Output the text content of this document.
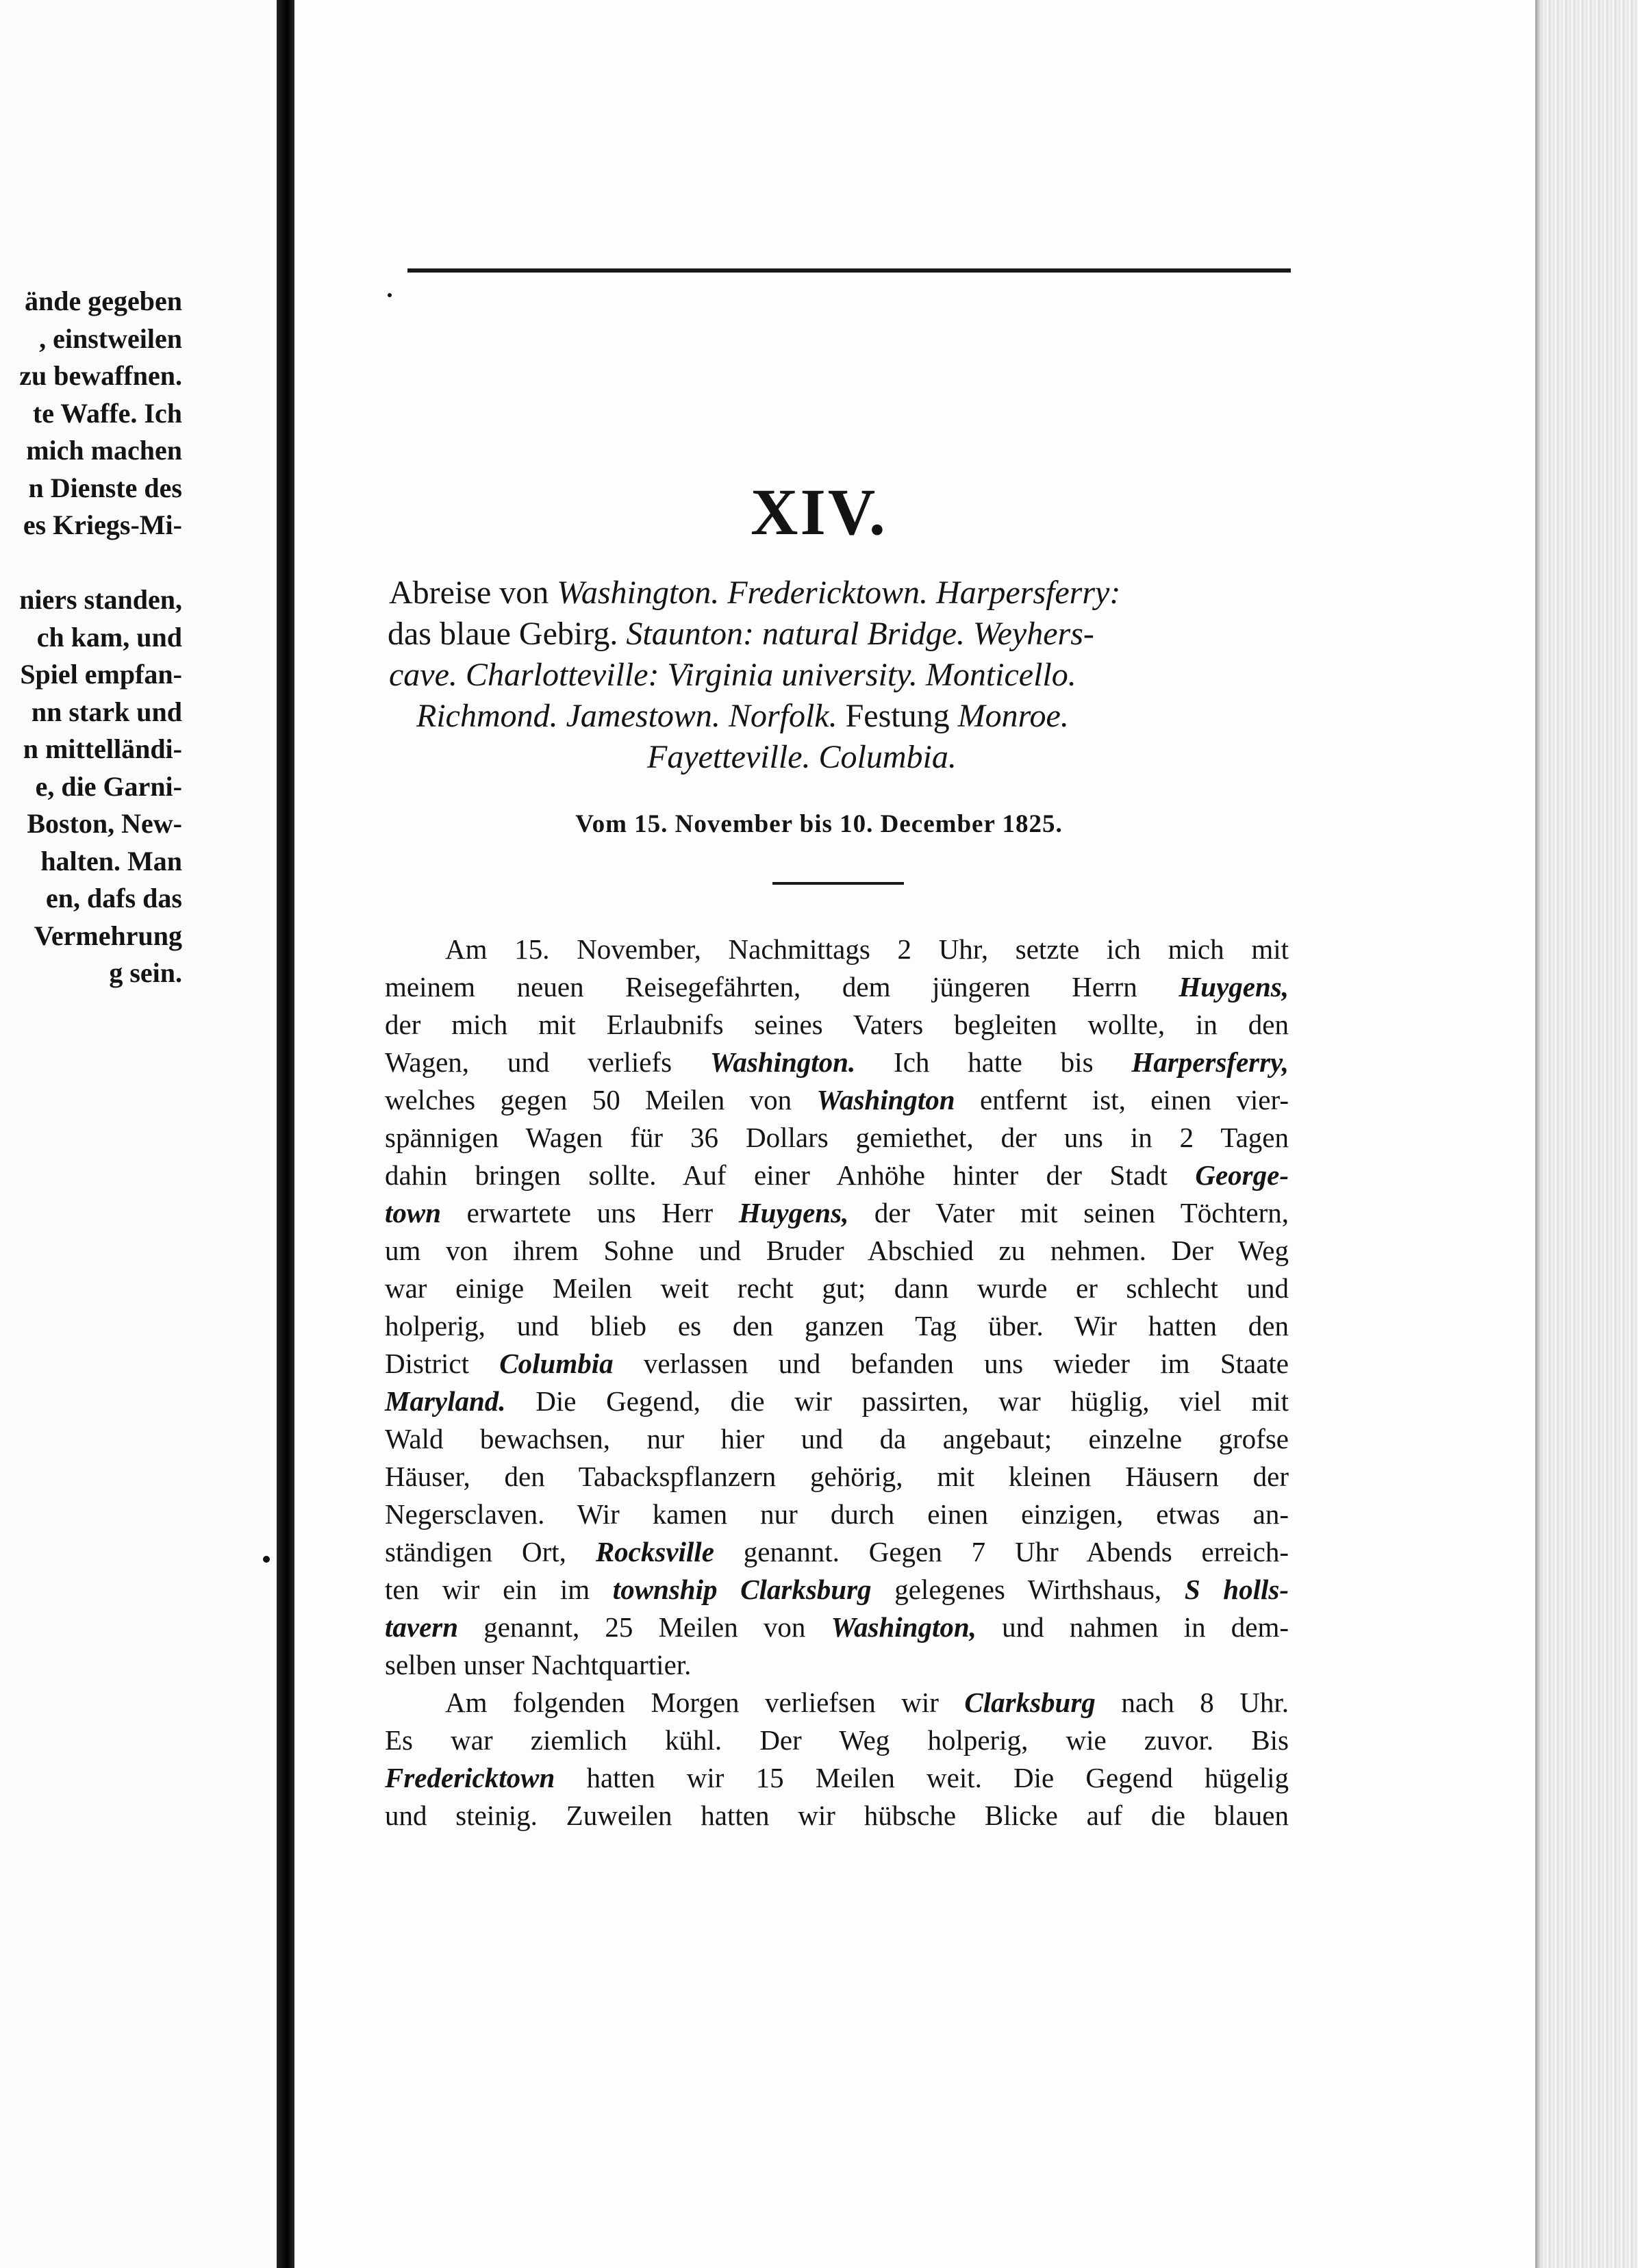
ände gegeben
, einstweilen
zu bewaffnen.
te Waffe. Ich
mich machen
n Dienste des
es Kriegs-Mi-
niers standen,
ch kam, und
Spiel empfan-
nn stark und
n mittelländi-
e, die Garni-
Boston, New-
halten. Man
en, dafs das
Vermehrung
g sein.
XIV.
Abreise von Washington. Fredericktown. Harpersferry:
das blaue Gebirg. Staunton: natural Bridge. Weyhers-
cave. Charlotteville: Virginia university. Monticello.
Richmond. Jamestown. Norfolk. Festung Monroe.
Fayetteville. Columbia.
Vom 15. November bis 10. December 1825.
Am 15. November, Nachmittags 2 Uhr, setzte ich mich mit
meinem neuen Reisegefährten, dem jüngeren Herrn Huygens,
der mich mit Erlaubnifs seines Vaters begleiten wollte, in den
Wagen, und verliefs Washington. Ich hatte bis Harpersferry,
welches gegen 50 Meilen von Washington entfernt ist, einen vier-
spännigen Wagen für 36 Dollars gemiethet, der uns in 2 Tagen
dahin bringen sollte. Auf einer Anhöhe hinter der Stadt George-
town erwartete uns Herr Huygens, der Vater mit seinen Töchtern,
um von ihrem Sohne und Bruder Abschied zu nehmen. Der Weg
war einige Meilen weit recht gut; dann wurde er schlecht und
holperig, und blieb es den ganzen Tag über. Wir hatten den
District Columbia verlassen und befanden uns wieder im Staate
Maryland. Die Gegend, die wir passirten, war hüglig, viel mit
Wald bewachsen, nur hier und da angebaut; einzelne grofse
Häuser, den Tabackspflanzern gehörig, mit kleinen Häusern der
Negersclaven. Wir kamen nur durch einen einzigen, etwas an-
ständigen Ort, Rocksville genannt. Gegen 7 Uhr Abends erreich-
ten wir ein im township Clarksburg gelegenes Wirthshaus, S holls-
tavern genannt, 25 Meilen von Washington, und nahmen in dem-
selben unser Nachtquartier.
Am folgenden Morgen verliefsen wir Clarksburg nach 8 Uhr.
Es war ziemlich kühl. Der Weg holperig, wie zuvor. Bis
Fredericktown hatten wir 15 Meilen weit. Die Gegend hügelig
und steinig. Zuweilen hatten wir hübsche Blicke auf die blauen
